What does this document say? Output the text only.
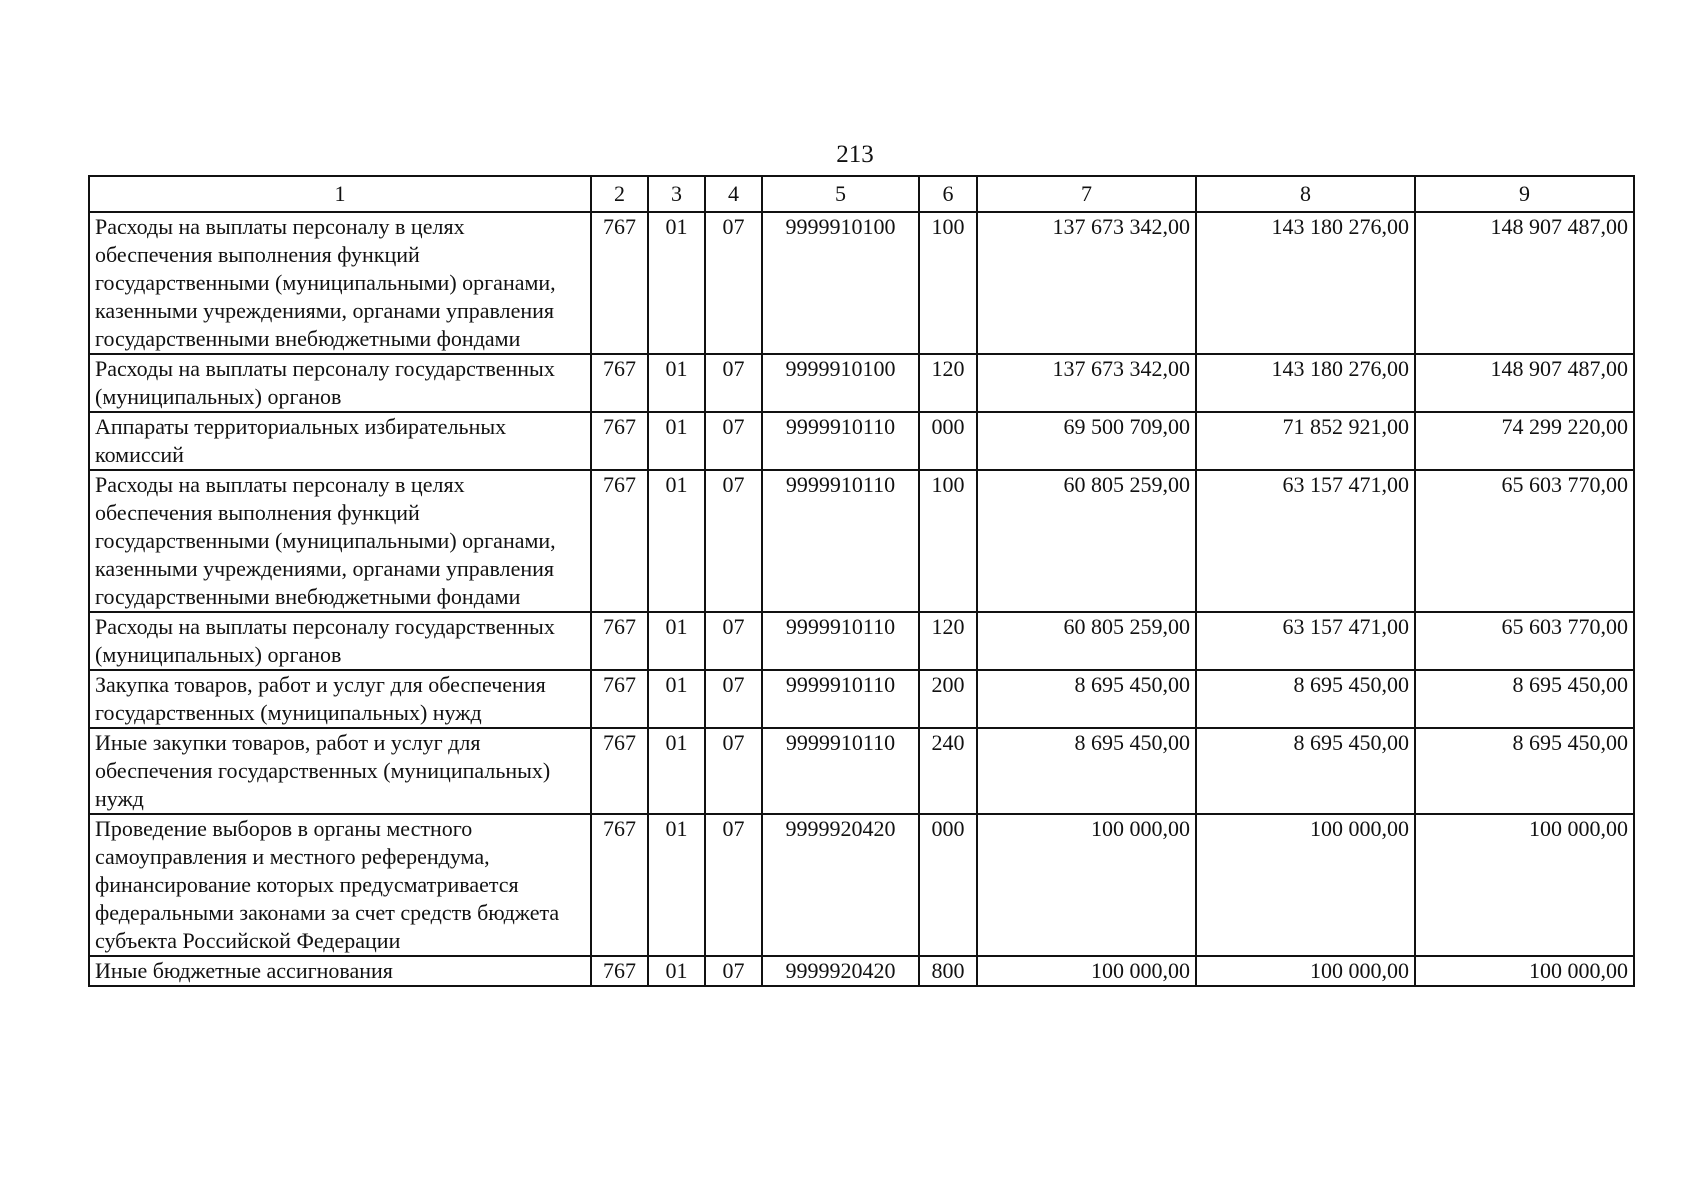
213
1	2	3	4	5	6	7	8	9
Расходы на выплаты персоналу в целях обеспечения выполнения функций государственными (муниципальными) органами, казенными учреждениями, органами управления государственными внебюджетными фондами	767	01	07	9999910100	100	137 673 342,00	143 180 276,00	148 907 487,00
Расходы на выплаты персоналу государственных (муниципальных) органов	767	01	07	9999910100	120	137 673 342,00	143 180 276,00	148 907 487,00
Аппараты территориальных избирательных комиссий	767	01	07	9999910110	000	69 500 709,00	71 852 921,00	74 299 220,00
Расходы на выплаты персоналу в целях обеспечения выполнения функций государственными (муниципальными) органами, казенными учреждениями, органами управления государственными внебюджетными фондами	767	01	07	9999910110	100	60 805 259,00	63 157 471,00	65 603 770,00
Расходы на выплаты персоналу государственных (муниципальных) органов	767	01	07	9999910110	120	60 805 259,00	63 157 471,00	65 603 770,00
Закупка товаров, работ и услуг для обеспечения государственных (муниципальных) нужд	767	01	07	9999910110	200	8 695 450,00	8 695 450,00	8 695 450,00
Иные закупки товаров, работ и услуг для обеспечения государственных (муниципальных) нужд	767	01	07	9999910110	240	8 695 450,00	8 695 450,00	8 695 450,00
Проведение выборов в органы местного самоуправления и местного референдума, финансирование которых предусматривается федеральными законами за счет средств бюджета субъекта Российской Федерации	767	01	07	9999920420	000	100 000,00	100 000,00	100 000,00
Иные бюджетные ассигнования	767	01	07	9999920420	800	100 000,00	100 000,00	100 000,00
